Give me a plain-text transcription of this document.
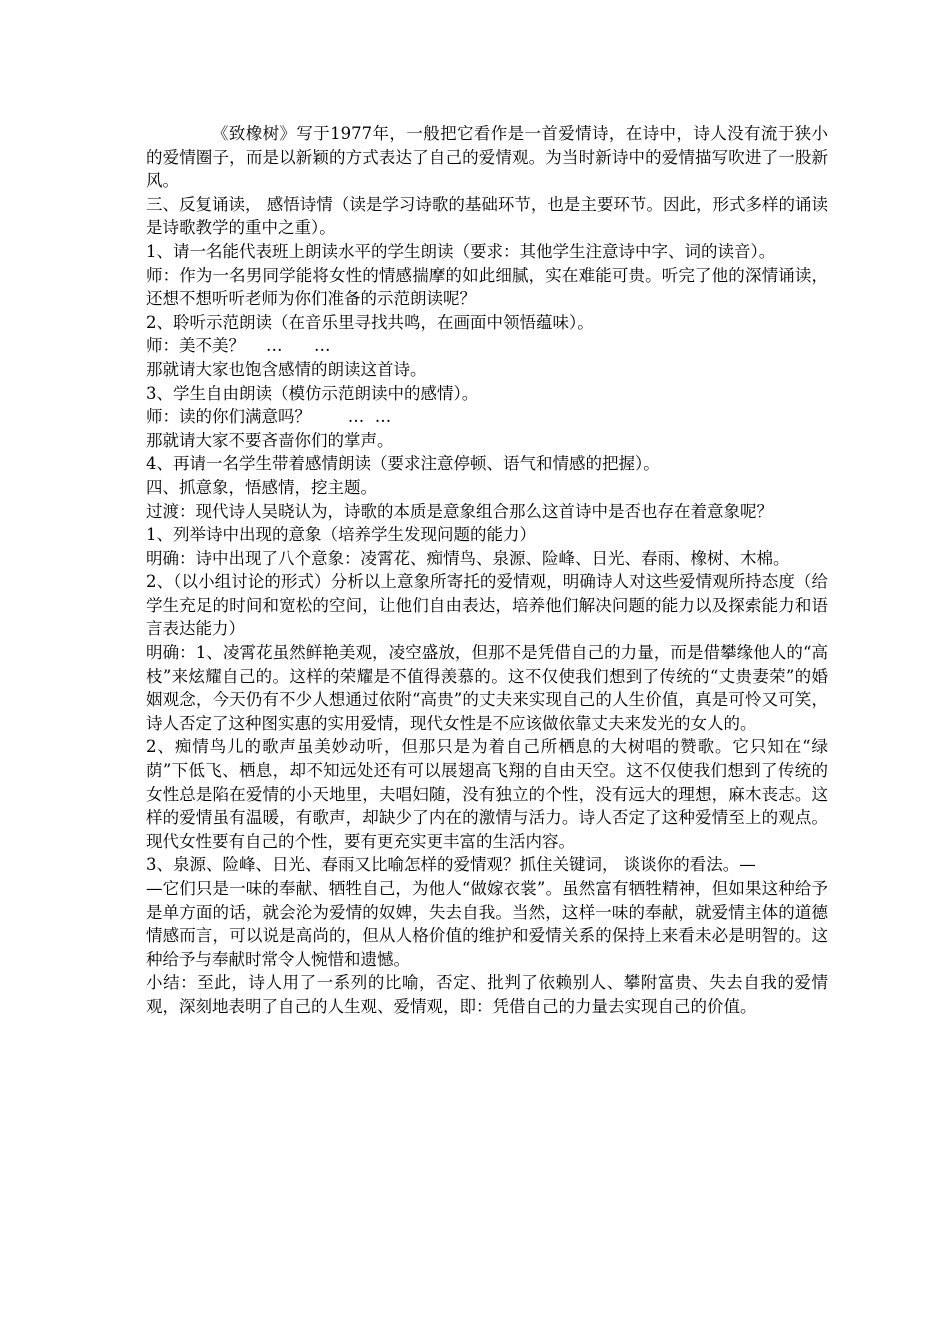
《致橡树》写于1977年，一般把它看作是一首爱情诗，在诗中，诗人没有流于狭小的爱情圈子，而是以新颖的方式表达了自己的爱情观。为当时新诗中的爱情描写吹进了一股新风。

三、反复诵读， 感悟诗情（读是学习诗歌的基础环节，也是主要环节。因此，形式多样的诵读是诗歌教学的重中之重）。

1、请一名能代表班上朗读水平的学生朗读（要求：其他学生注意诗中字、词的读音）。

师：作为一名男同学能将女性的情感揣摩的如此细腻，实在难能可贵。听完了他的深情诵读，还想不想听听老师为你们准备的示范朗读呢？

2、聆听示范朗读（在音乐里寻找共鸣，在画面中领悟蕴味）。

师：美不美？    …      …

那就请大家也饱含感情的朗读这首诗。

3、学生自由朗读（模仿示范朗读中的感情）。

师：读的你们满意吗？       …  …

那就请大家不要吝啬你们的掌声。

4、再请一名学生带着感情朗读（要求注意停顿、语气和情感的把握）。

四、抓意象，悟感情，挖主题。

过渡：现代诗人吴晓认为，诗歌的本质是意象组合那么这首诗中是否也存在着意象呢？

1、列举诗中出现的意象（培养学生发现问题的能力）

明确：诗中出现了八个意象：凌霄花、痴情鸟、泉源、险峰、日光、春雨、橡树、木棉。

2、（以小组讨论的形式）分析以上意象所寄托的爱情观，明确诗人对这些爱情观所持态度（给学生充足的时间和宽松的空间，让他们自由表达，培养他们解决问题的能力以及探索能力和语言表达能力）

明确：1、凌霄花虽然鲜艳美观，凌空盛放，但那不是凭借自己的力量，而是借攀缘他人的“高枝”来炫耀自己的。这样的荣耀是不值得羡慕的。这不仅使我们想到了传统的“丈贵妻荣”的婚姻观念，今天仍有不少人想通过依附“高贵”的丈夫来实现自己的人生价值，真是可怜又可笑，诗人否定了这种图实惠的实用爱情，现代女性是不应该做依靠丈夫来发光的女人的。

2、痴情鸟儿的歌声虽美妙动听，但那只是为着自己所栖息的大树唱的赞歌。它只知在“绿荫”下低飞、栖息，却不知远处还有可以展翅高飞翔的自由天空。这不仅使我们想到了传统的女性总是陷在爱情的小天地里，夫唱妇随，没有独立的个性，没有远大的理想，麻木丧志。这样的爱情虽有温暖，有歌声，却缺少了内在的激情与活力。诗人否定了这种爱情至上的观点。现代女性要有自己的个性，要有更充实更丰富的生活内容。

3、泉源、险峰、日光、春雨又比喻怎样的爱情观？抓住关键词， 谈谈你的看法。—

—它们只是一味的奉献、牺牲自己，为他人“做嫁衣裳”。虽然富有牺牲精神，但如果这种给予是单方面的话，就会沦为爱情的奴婢，失去自我。当然，这样一味的奉献，就爱情主体的道德情感而言，可以说是高尚的，但从人格价值的维护和爱情关系的保持上来看未必是明智的。这种给予与奉献时常令人惋惜和遗憾。

小结：至此，诗人用了一系列的比喻，否定、批判了依赖别人、攀附富贵、失去自我的爱情观，深刻地表明了自己的人生观、爱情观，即：凭借自己的力量去实现自己的价值。
